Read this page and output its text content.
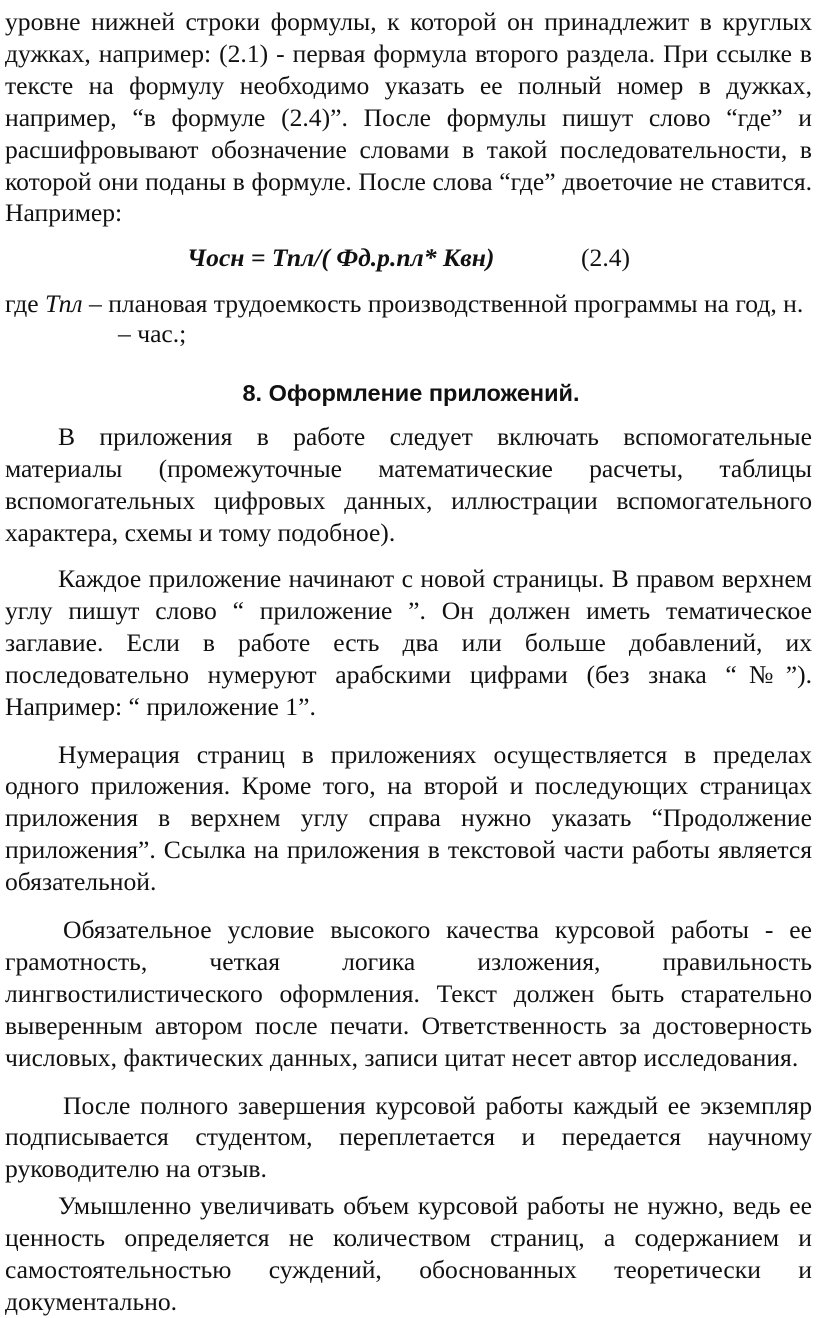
уровне нижней строки формулы, к которой он принадлежит в круглых дужках, например: (2.1) - первая формула второго раздела. При ссылке в тексте на формулу необходимо указать ее полный номер в дужках, например, “в формуле (2.4)”. После формулы пишут слово “где” и расшифровывают обозначение словами в такой последовательности, в которой они поданы в формуле. После слова “где” двоеточие не ставится. Например:

Чосн = Тпл/( Фд.р.пл* Квн)	(2.4)
где Тпл – плановая трудоемкость производственной программы на год, н.
– час.;
8. Оформление приложений.

В приложения в работе следует включать вспомогательные материалы (промежуточные математические расчеты, таблицы вспомогательных цифровых данных, иллюстрации вспомогательного характера, схемы и тому подобное).

Каждое приложение начинают с новой страницы. В правом верхнем углу пишут слово “ приложение ”. Он должен иметь тематическое заглавие. Если в работе есть два или больше добавлений, их последовательно нумеруют арабскими цифрами (без знака “№”). Например: “ приложение 1”.

Нумерация страниц в приложениях осуществляется в пределах одного приложения. Кроме того, на второй и последующих страницах приложения в верхнем углу справа нужно указать “Продолжение приложения”. Ссылка на приложения в текстовой части работы является обязательной.

Обязательное условие высокого качества курсовой работы - ее грамотность, четкая логика изложения, правильность лингвостилистического оформления. Текст должен быть старательно выверенным автором после печати. Ответственность за достоверность числовых, фактических данных, записи цитат несет автор исследования.

После полного завершения курсовой работы каждый ее экземпляр подписывается студентом, переплетается и передается научному руководителю на отзыв.

Умышленно увеличивать объем курсовой работы не нужно, ведь ее ценность определяется не количеством страниц, а содержанием и самостоятельностью суждений, обоснованных теоретически и документально.
